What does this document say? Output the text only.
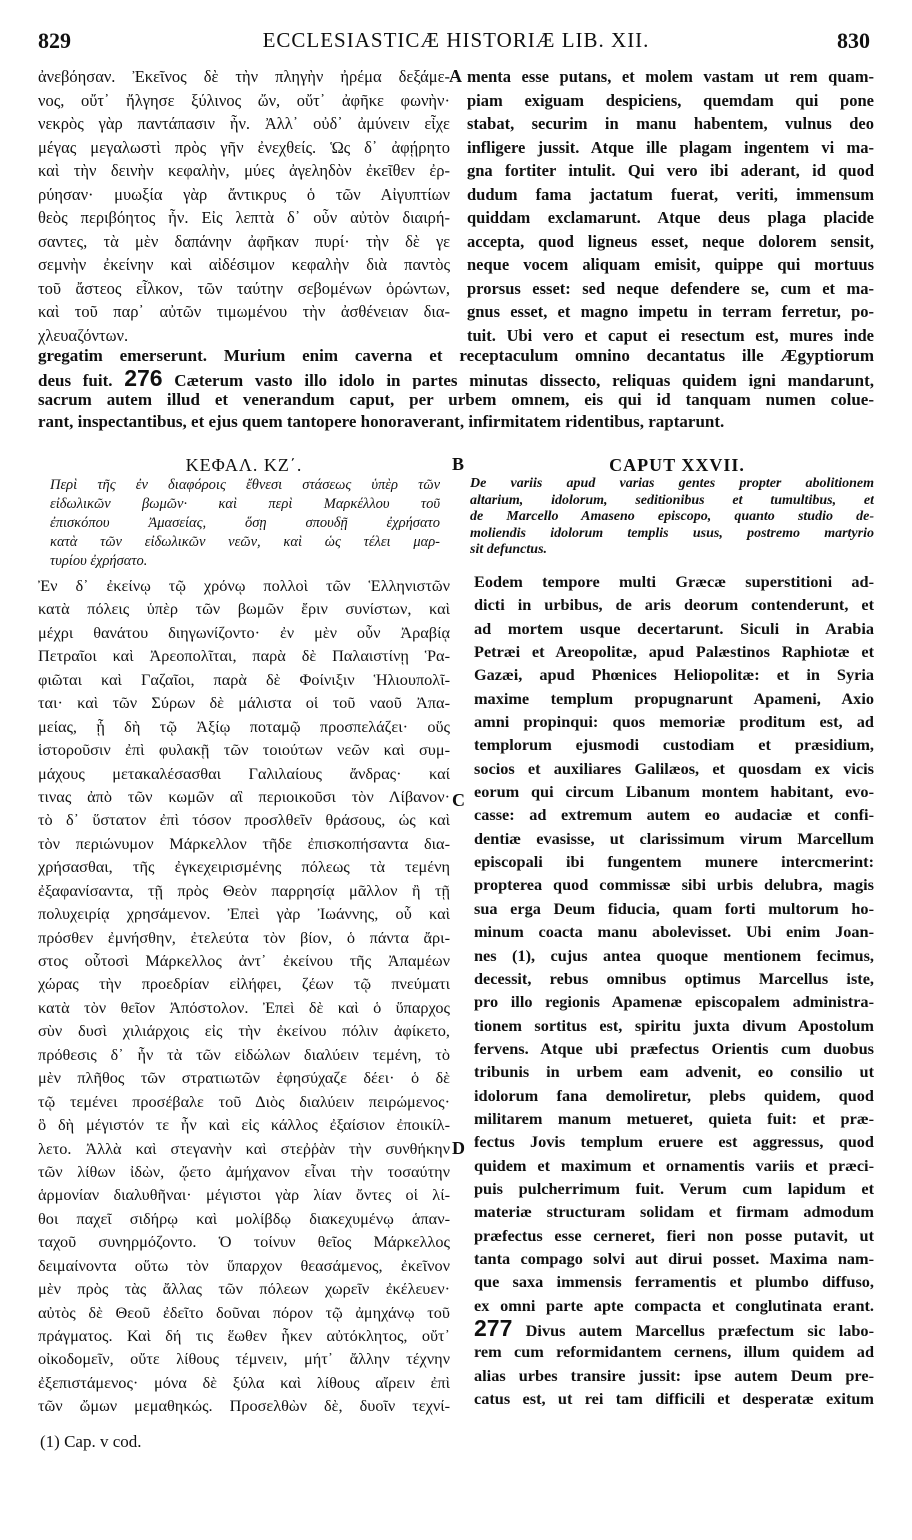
829	ECCLESIASTICÆ HISTORIÆ LIB. XII.	830
ἀνεβόησαν. Ἐκεῖνος δὲ τὴν πληγὴν ἠρέμα δεξάμε-
νος, οὔτ᾽ ἤλγησε ξύλινος ὤν, οὔτ᾽ ἀφῆκε φωνὴν·
νεκρὸς γὰρ παντάπασιν ἦν. Ἀλλ᾽ οὐδ᾽ ἀμύνειν εἶχε
μέγας μεγαλωστὶ πρὸς γῆν ἐνεχθείς. Ὡς δ᾽ ἀφῄρητο
καὶ τὴν δεινὴν κεφαλὴν, μύες ἀγεληδὸν ἐκεῖθεν ἐρ-
ρύησαν· μυωξία γὰρ ἄντικρυς ὁ τῶν Αἰγυπτίων
θεὸς περιβόητος ἦν. Εἰς λεπτὰ δ᾽ οὖν αὐτὸν διαιρή-
σαντες, τὰ μὲν δαπάνην ἀφῆκαν πυρί· τὴν δὲ γε
σεμνὴν ἐκείνην καὶ αἰδέσιμον κεφαλὴν διὰ παντὸς
τοῦ ἄστεος εἷλκον, τῶν ταύτην σεβομένων ὁρώντων,
καὶ τοῦ παρ᾽ αὐτῶν τιμωμένου τὴν ἀσθένειαν δια-
χλευαζόντων.
menta esse putans, et molem vastam ut rem quam-
piam exiguam despiciens, quemdam qui pone
stabat, securim in manu habentem, vulnus deo
infligere jussit. Atque ille plagam ingentem vi ma-
gna fortiter intulit. Qui vero ibi aderant, id quod
dudum fama jactatum fuerat, veriti, immensum
quiddam exclamarunt. Atque deus plaga placide
accepta, quod ligneus esset, neque dolorem sensit,
neque vocem aliquam emisit, quippe qui mortuus
prorsus esset: sed neque defendere se, cum et ma-
gnus esset, et magno impetu in terram ferretur, po-
tuit. Ubi vero et caput ei resectum est, mures inde
A
B
C
D
gregatim emerserunt. Murium enim caverna et receptaculum omnino decantatus ille Ægyptiorum
deus fuit. 276 Cæterum vasto illo idolo in partes minutas dissecto, reliquas quidem igni mandarunt,
sacrum autem illud et venerandum caput, per urbem omnem, eis qui id tanquam numen colue-
rant, inspectantibus, et ejus quem tantopere honoraverant, infirmitatem ridentibus, raptarunt.
ΚΕΦΑΛ. ΚΖ΄.	CAPUT XXVII.
Περὶ τῆς ἐν διαφόροις ἔθνεσι στάσεως ὑπὲρ τῶν
εἰδωλικῶν βωμῶν· καὶ περὶ Μαρκέλλου τοῦ
ἐπισκόπου Ἀμασείας, ὅσῃ σπουδῇ ἐχρήσατο
κατὰ τῶν εἰδωλικῶν νεῶν, καὶ ὡς τέλει μαρ-
τυρίου ἐχρήσατο.
De variis apud varias gentes propter abolitionem
altarium, idolorum, seditionibus et tumultibus, et
de Marcello Amaseno episcopo, quanto studio de-
moliendis idolorum templis usus, postremo martyrio
sit defunctus.
Ἐν δ᾽ ἐκείνῳ τῷ χρόνῳ πολλοὶ τῶν Ἑλληνιστῶν
κατὰ πόλεις ὑπὲρ τῶν βωμῶν ἔριν συνίστων, καὶ
μέχρι θανάτου διηγωνίζοντο· ἐν μὲν οὖν Ἀραβίᾳ
Πετραῖοι καὶ Ἀρεοπολῖται, παρὰ δὲ Παλαιστίνῃ Ῥα-
φιῶται καὶ Γαζαῖοι, παρὰ δὲ Φοίνιξιν Ἡλιουπολῖ-
ται· καὶ τῶν Σύρων δὲ μάλιστα οἱ τοῦ ναοῦ Ἀπα-
μείας, ᾗ δὴ τῷ Ἀξίῳ ποταμῷ προσπελάζει· οὕς
ἱστοροῦσιν ἐπὶ φυλακῇ τῶν τοιούτων νεῶν καὶ συμ-
μάχους μετακαλέσασθαι Γαλιλαίους ἄνδρας· καί
τινας ἀπὸ τῶν κωμῶν αἳ περιοικοῦσι τὸν Λίβανον·
τὸ δ᾽ ὕστατον ἐπὶ τόσον προσλθεῖν θράσους, ὡς καὶ
τὸν περιώνυμον Μάρκελλον τῆδε ἐπισκοπήσαντα δια-
χρήσασθαι, τῆς ἐγκεχειρισμένης πόλεως τὰ τεμένη
ἐξαφανίσαντα, τῇ πρὸς Θεὸν παρρησίᾳ μᾶλλον ἢ τῇ
πολυχειρίᾳ χρησάμενον. Ἐπεὶ γὰρ Ἰωάννης, οὗ καὶ
πρόσθεν ἐμνήσθην, ἐτελεύτα τὸν βίον, ὁ πάντα ἄρι-
στος οὗτοσὶ Μάρκελλος ἀντ᾽ ἐκείνου τῆς Ἀπαμέων
χώρας τὴν προεδρίαν εἰλήφει, ζέων τῷ πνεύματι
κατὰ τὸν θεῖον Ἀπόστολον. Ἐπεὶ δὲ καὶ ὁ ὕπαρχος
σὺν δυσὶ χιλιάρχοις εἰς τὴν ἐκείνου πόλιν ἀφίκετο,
πρόθεσις δ᾽ ἦν τὰ τῶν εἰδώλων διαλύειν τεμένη, τὸ
μὲν πλῆθος τῶν στρατιωτῶν ἐφησύχαζε δέει· ὁ δὲ
τῷ τεμένει προσέβαλε τοῦ Διὸς διαλύειν πειρώμενος·
ὃ δὴ μέγιστόν τε ἦν καὶ εἰς κάλλος ἐξαίσιον ἐποικίλ-
λετο. Ἀλλὰ καὶ στεγανὴν καὶ στεῤῥὰν τὴν συνθήκην
τῶν λίθων ἰδὼν, ᾤετο ἀμήχανον εἶναι τὴν τοσαύτην
ἁρμονίαν διαλυθῆναι· μέγιστοι γὰρ λίαν ὄντες οἱ λί-
θοι παχεῖ σιδήρῳ καὶ μολίβδῳ διακεχυμένῳ ἁπαν-
ταχοῦ συνηρμόζοντο. Ὁ τοίνυν θεῖος Μάρκελλος
δειμαίνοντα οὕτω τὸν ὕπαρχον θεασάμενος, ἐκεῖνον
μὲν πρὸς τὰς ἄλλας τῶν πόλεων χωρεῖν ἐκέλευεν·
αὐτὸς δὲ Θεοῦ ἐδεῖτο δοῦναι πόρον τῷ ἀμηχάνῳ τοῦ
πράγματος. Καὶ δή τις ἕωθεν ἧκεν αὐτόκλητος, οὔτ᾽
οἰκοδομεῖν, οὔτε λίθους τέμνειν, μήτ᾽ ἄλλην τέχνην
ἐξεπιστάμενος· μόνα δὲ ξύλα καὶ λίθους αἴρειν ἐπὶ
τῶν ὤμων μεμαθηκώς. Προσελθὼν δὲ, δυοῖν τεχνί-
Eodem tempore multi Græcæ superstitioni ad-
dicti in urbibus, de aris deorum contenderunt, et
ad mortem usque decertarunt. Siculi in Arabia
Petræi et Areopolitæ, apud Palæstinos Raphiotæ et
Gazæi, apud Phœnices Heliopolitæ: et in Syria
maxime templum propugnarunt Apameni, Axio
amni propinqui: quos memoriæ proditum est, ad
templorum ejusmodi custodiam et præsidium,
socios et auxiliares Galilæos, et quosdam ex vicis
eorum qui circum Libanum montem habitant, evo-
casse: ad extremum autem eo audaciæ et confi-
dentiæ evasisse, ut clarissimum virum Marcellum
episcopali ibi fungentem munere intercmerint:
propterea quod commissæ sibi urbis delubra, magis
sua erga Deum fiducia, quam forti multorum ho-
minum coacta manu abolevisset. Ubi enim Joan-
nes (1), cujus antea quoque mentionem fecimus,
decessit, rebus omnibus optimus Marcellus iste,
pro illo regionis Apamenæ episcopalem administra-
tionem sortitus est, spiritu juxta divum Apostolum
fervens. Atque ubi præfectus Orientis cum duobus
tribunis in urbem eam advenit, eo consilio ut
idolorum fana demoliretur, plebs quidem, quod
militarem manum metueret, quieta fuit: et præ-
fectus Jovis templum eruere est aggressus, quod
quidem et maximum et ornamentis variis et præci-
puis pulcherrimum fuit. Verum cum lapidum et
materiæ structuram solidam et firmam admodum
præfectus esse cerneret, fieri non posse putavit, ut
tanta compago solvi aut dirui posset. Maxima nam-
que saxa immensis ferramentis et plumbo diffuso,
ex omni parte apte compacta et conglutinata erant.
277 Divus autem Marcellus præfectum sic labo-
rem cum reformidantem cernens, illum quidem ad
alias urbes transire jussit: ipse autem Deum pre-
catus est, ut rei tam difficili et desperatæ exitum
(1) Cap. v cod.
